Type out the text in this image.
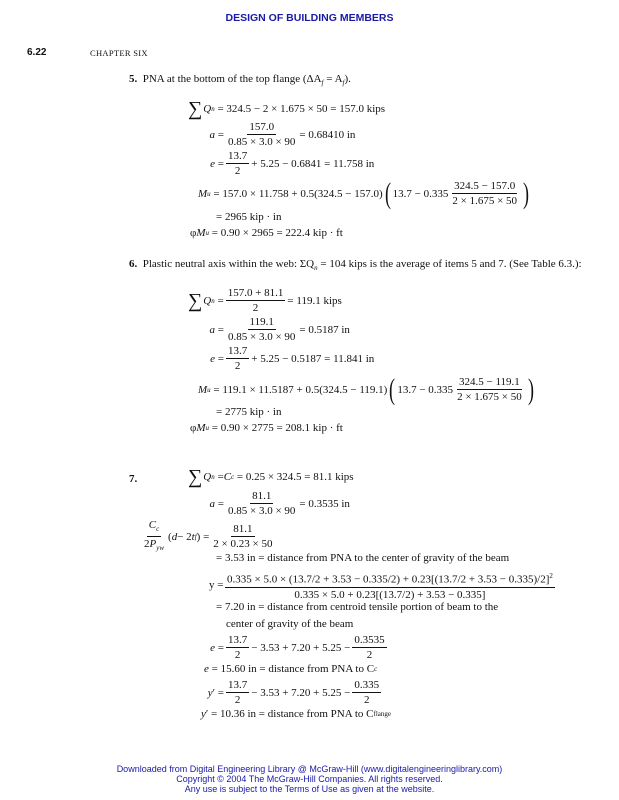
DESIGN OF BUILDING MEMBERS
6.22	CHAPTER SIX
5. PNA at the bottom of the top flange $(\Delta A_f = A_f)$.
∑ Q n
= 324.5 − 2 × 1.675 × 50 = 157.0 kips
$a = \frac{157.0}{0.85 \times 3.0 \times 90} = 0.68410$ in
$e = \frac{13.7}{2} + 5.25 - 0.6841 = 11.758$ in
M u
= 157.0 × 11.758 + 0.5(324.5 − 157.0) ( $13.7 - 0.335 \frac{324.5 - 157.0}{2 \times 1.675 \times 50}$ )
= 2965 kip · in
φ M u
= 0.90 × 2965 = 222.4 kip · ft
6. Plastic neutral axis within the web: $\Sigma Q_n = 104$ kips is the average of items 5 and 7. (See Table 6.3.):
∑ Q $n = \frac{157.0 + 81.1}{2} = 119.1$ kips
$a = \frac{119.1}{0.85 \times 3.0 \times 90} = 0.5187$ in
$e = \frac{13.7}{2} + 5.25 - 0.5187 = 11.841$ in
M u
= 119.1 × 11.5187 + 0.5(324.5 − 119.1) ( $13.7 - 0.335 \frac{324.5 - 119.1}{2 \times 1.675 \times 50}$ )
= 2775 kip · in
φ M u
= 0.90 × 2775 = 208.1 kip · ft
7.	∑ Q n = C c
= 0.25 × 324.5 = 81.1 kips
$a = \frac{81.1}{0.85 \times 3.0 \times 90} = 0.3535$ in
$\frac{C_c}{2P_{yw}}$ ( d − 2 t f ) = $\frac{81.1}{2 \times 0.23 \times 50}$
= 3.53 in = distance from PNA to the center of gravity of the beam
$y = 0.335 \times 5.0 \times (13.7/2 + 3.53 - 0.335/2) + 0.23[(13.7/2 + 3.53 - 0.335)/2]^2$
0.335 × 5.0 + 0.23[(13.7/2) + 3.53 − 0.335]
= 7.20 in = distance from centroid tensile portion of beam to the
center of gravity of the beam
$e = \frac{13.7}{2} - 3.53 + 7.20 + 5.25 - \frac{0.3535}{2}$
e
= 15.60 in = distance from PNA to C c
$y' = \frac{13.7}{2} - 3.53 + 7.20 + 5.25 - \frac{0.335}{2}$
y ′ = 10.36 in = distance from PNA to C flange
Downloaded from Digital Engineering Library @ McGraw-Hill (www.digitalengineeringlibrary.com)
Copyright © 2004 The McGraw-Hill Companies. All rights reserved.
Any use is subject to the Terms of Use as given at the website.
